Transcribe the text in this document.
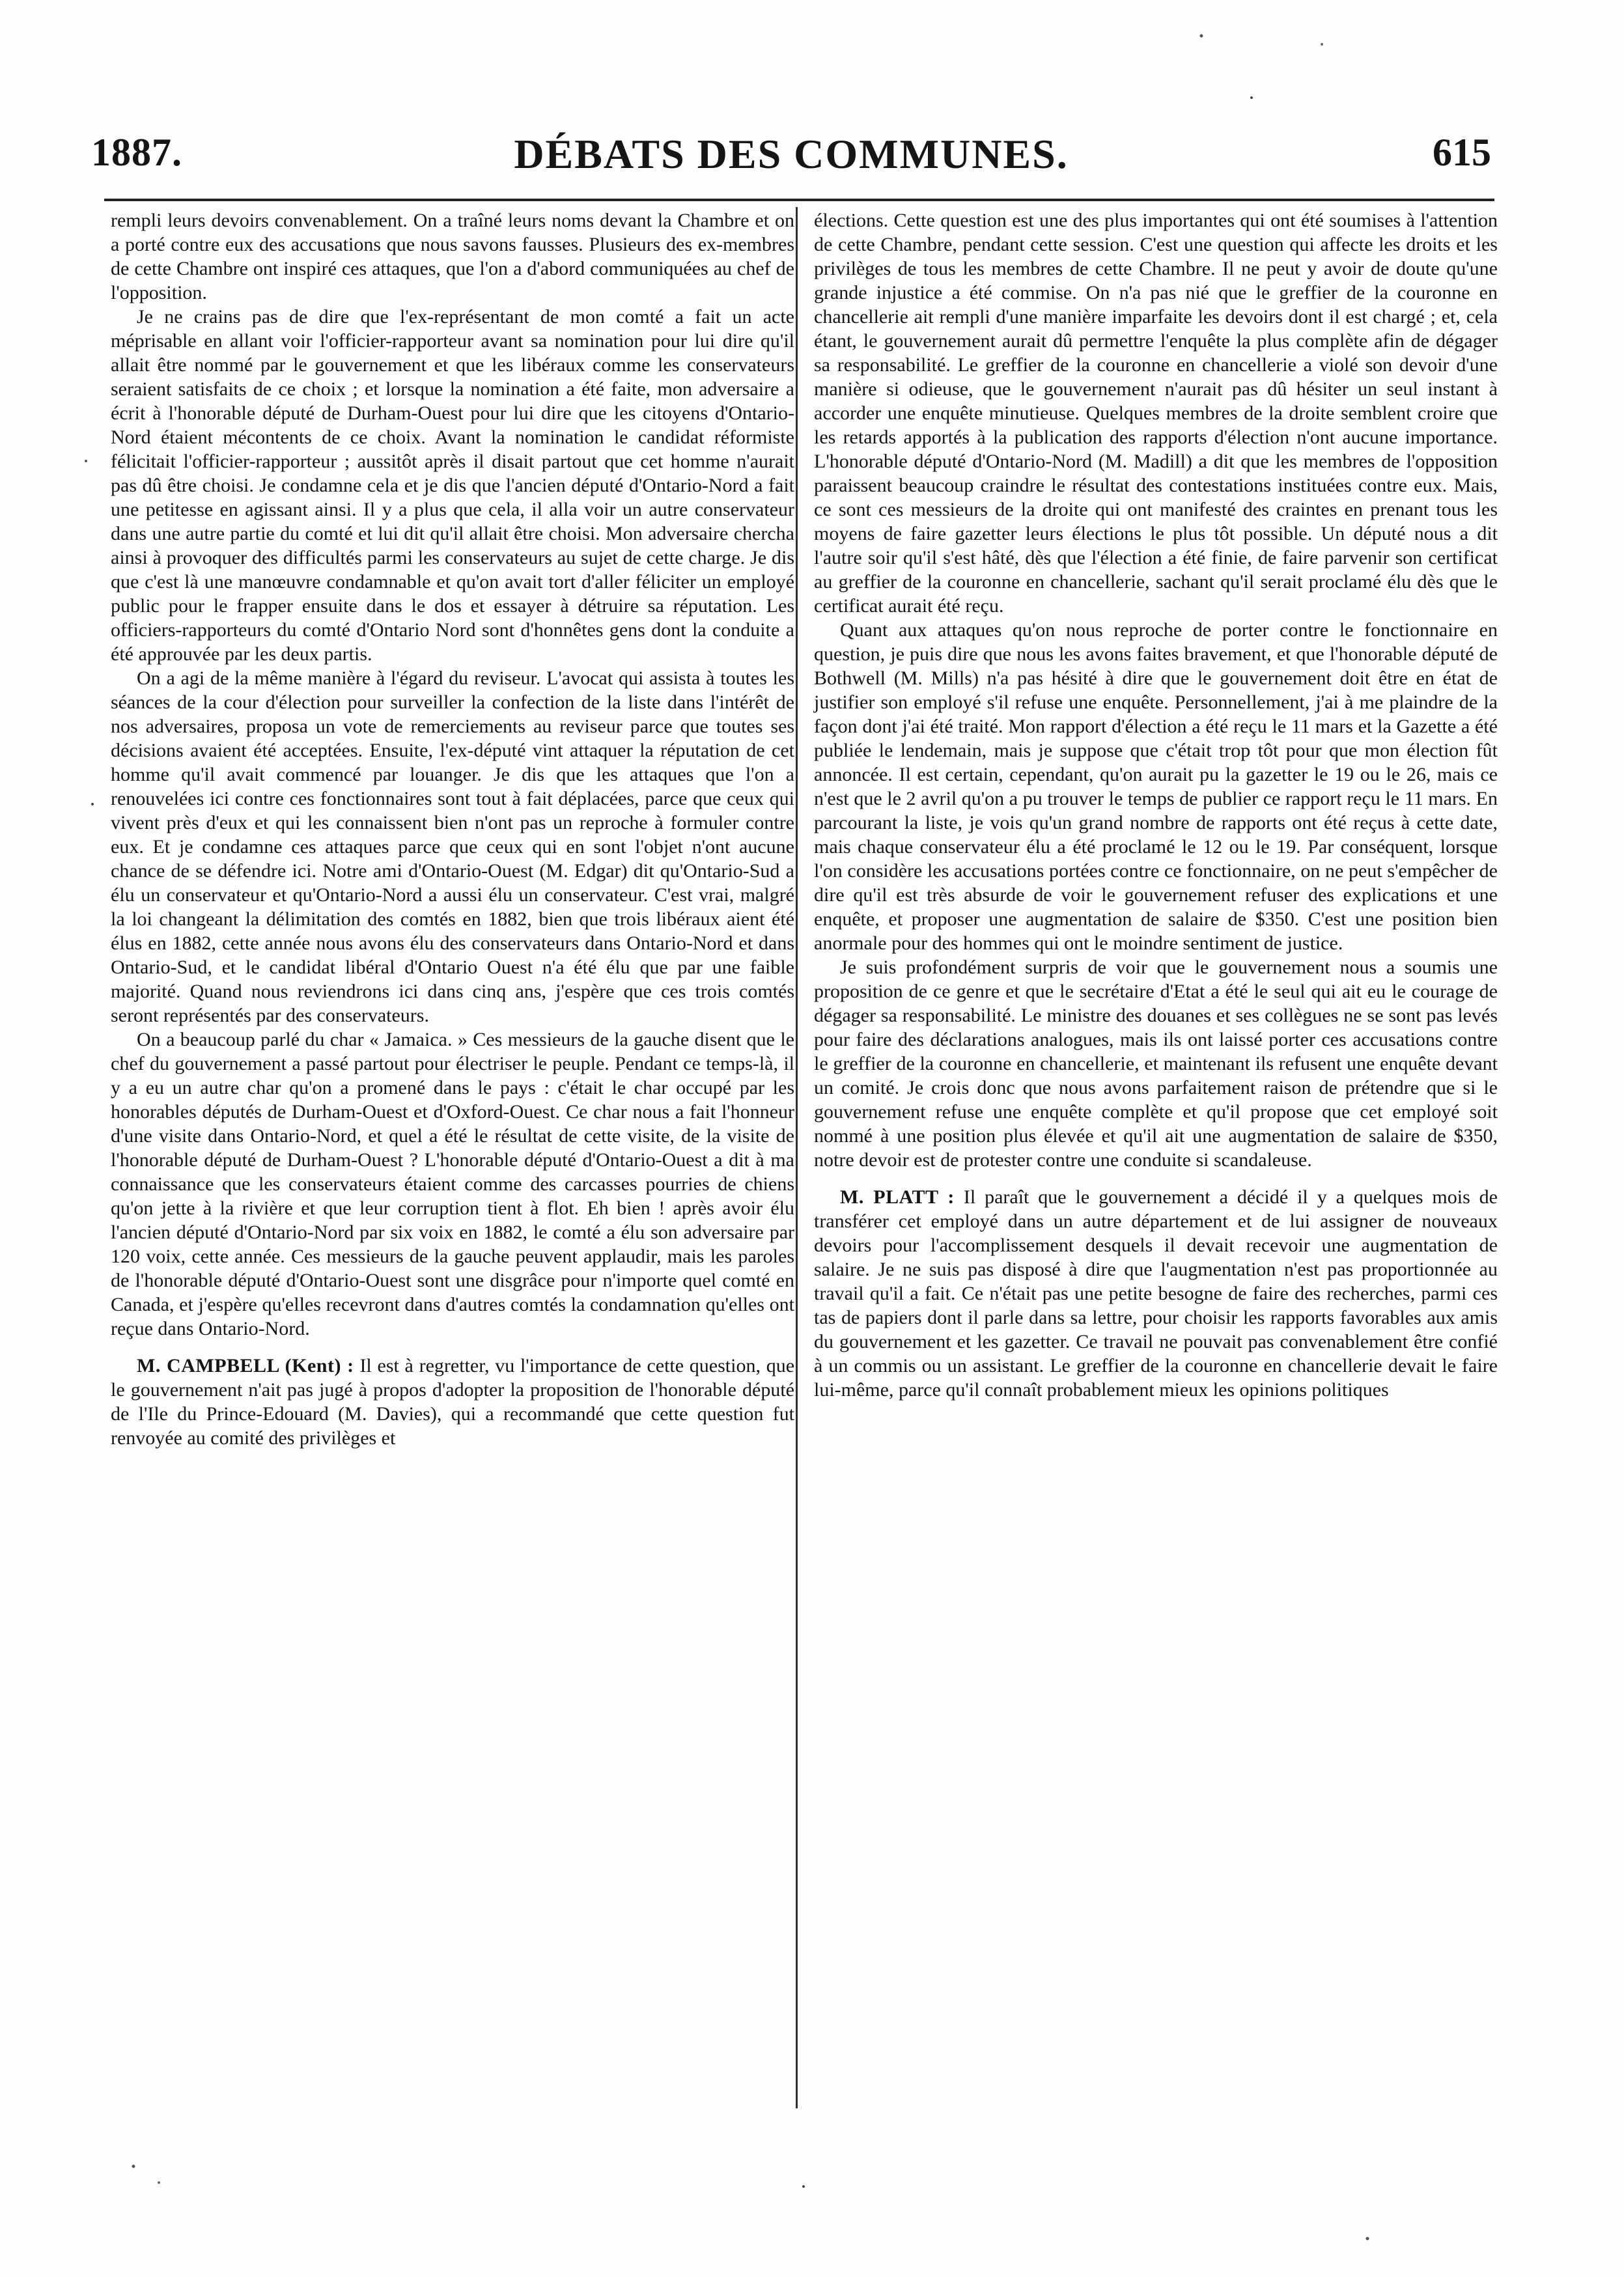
1887.	DÉBATS DES COMMUNES.	615

rempli leurs devoirs convenablement. On a traîné leurs noms devant la Chambre et on a porté contre eux des accusations que nous savons fausses. Plusieurs des ex-membres de cette Chambre ont inspiré ces attaques, que l'on a d'abord communiquées au chef de l'opposition.

Je ne crains pas de dire que l'ex-représentant de mon comté a fait un acte méprisable en allant voir l'officier-rapporteur avant sa nomination pour lui dire qu'il allait être nommé par le gouvernement et que les libéraux comme les conservateurs seraient satisfaits de ce choix ; et lorsque la nomination a été faite, mon adversaire a écrit à l'honorable député de Durham-Ouest pour lui dire que les citoyens d'Ontario-Nord étaient mécontents de ce choix. Avant la nomination le candidat réformiste félicitait l'officier-rapporteur ; aussitôt après il disait partout que cet homme n'aurait pas dû être choisi. Je condamne cela et je dis que l'ancien député d'Ontario-Nord a fait une petitesse en agissant ainsi. Il y a plus que cela, il alla voir un autre conservateur dans une autre partie du comté et lui dit qu'il allait être choisi. Mon adversaire chercha ainsi à provoquer des difficultés parmi les conservateurs au sujet de cette charge. Je dis que c'est là une manœuvre condamnable et qu'on avait tort d'aller féliciter un employé public pour le frapper ensuite dans le dos et essayer à détruire sa réputation. Les officiers-rapporteurs du comté d'Ontario Nord sont d'honnêtes gens dont la conduite a été approuvée par les deux partis.

On a agi de la même manière à l'égard du reviseur. L'avocat qui assista à toutes les séances de la cour d'élection pour surveiller la confection de la liste dans l'intérêt de nos adversaires, proposa un vote de remerciements au reviseur parce que toutes ses décisions avaient été acceptées. Ensuite, l'ex-député vint attaquer la réputation de cet homme qu'il avait commencé par louanger. Je dis que les attaques que l'on a renouvelées ici contre ces fonctionnaires sont tout à fait déplacées, parce que ceux qui vivent près d'eux et qui les connaissent bien n'ont pas un reproche à formuler contre eux. Et je condamne ces attaques parce que ceux qui en sont l'objet n'ont aucune chance de se défendre ici. Notre ami d'Ontario-Ouest (M. Edgar) dit qu'Ontario-Sud a élu un conservateur et qu'Ontario-Nord a aussi élu un conservateur. C'est vrai, malgré la loi changeant la délimitation des comtés en 1882, bien que trois libéraux aient été élus en 1882, cette année nous avons élu des conservateurs dans Ontario-Nord et dans Ontario-Sud, et le candidat libéral d'Ontario Ouest n'a été élu que par une faible majorité. Quand nous reviendrons ici dans cinq ans, j'espère que ces trois comtés seront représentés par des conservateurs.

On a beaucoup parlé du char « Jamaica. » Ces messieurs de la gauche disent que le chef du gouvernement a passé partout pour électriser le peuple. Pendant ce temps-là, il y a eu un autre char qu'on a promené dans le pays : c'était le char occupé par les honorables députés de Durham-Ouest et d'Oxford-Ouest. Ce char nous a fait l'honneur d'une visite dans Ontario-Nord, et quel a été le résultat de cette visite, de la visite de l'honorable député de Durham-Ouest ? L'honorable député d'Ontario-Ouest a dit à ma connaissance que les conservateurs étaient comme des carcasses pourries de chiens qu'on jette à la rivière et que leur corruption tient à flot. Eh bien ! après avoir élu l'ancien député d'Ontario-Nord par six voix en 1882, le comté a élu son adversaire par 120 voix, cette année. Ces messieurs de la gauche peuvent applaudir, mais les paroles de l'honorable député d'Ontario-Ouest sont une disgrâce pour n'importe quel comté en Canada, et j'espère qu'elles recevront dans d'autres comtés la condamnation qu'elles ont reçue dans Ontario-Nord.

M. CAMPBELL (Kent) : Il est à regretter, vu l'importance de cette question, que le gouvernement n'ait pas jugé à propos d'adopter la proposition de l'honorable député de l'Ile du Prince-Edouard (M. Davies), qui a recommandé que cette question fut renvoyée au comité des privilèges et

élections. Cette question est une des plus importantes qui ont été soumises à l'attention de cette Chambre, pendant cette session. C'est une question qui affecte les droits et les privilèges de tous les membres de cette Chambre. Il ne peut y avoir de doute qu'une grande injustice a été commise. On n'a pas nié que le greffier de la couronne en chancellerie ait rempli d'une manière imparfaite les devoirs dont il est chargé ; et, cela étant, le gouvernement aurait dû permettre l'enquête la plus complète afin de dégager sa responsabilité. Le greffier de la couronne en chancellerie a violé son devoir d'une manière si odieuse, que le gouvernement n'aurait pas dû hésiter un seul instant à accorder une enquête minutieuse. Quelques membres de la droite semblent croire que les retards apportés à la publication des rapports d'élection n'ont aucune importance. L'honorable député d'Ontario-Nord (M. Madill) a dit que les membres de l'opposition paraissent beaucoup craindre le résultat des contestations instituées contre eux. Mais, ce sont ces messieurs de la droite qui ont manifesté des craintes en prenant tous les moyens de faire gazetter leurs élections le plus tôt possible. Un député nous a dit l'autre soir qu'il s'est hâté, dès que l'élection a été finie, de faire parvenir son certificat au greffier de la couronne en chancellerie, sachant qu'il serait proclamé élu dès que le certificat aurait été reçu.

Quant aux attaques qu'on nous reproche de porter contre le fonctionnaire en question, je puis dire que nous les avons faites bravement, et que l'honorable député de Bothwell (M. Mills) n'a pas hésité à dire que le gouvernement doit être en état de justifier son employé s'il refuse une enquête. Personnellement, j'ai à me plaindre de la façon dont j'ai été traité. Mon rapport d'élection a été reçu le 11 mars et la Gazette a été publiée le lendemain, mais je suppose que c'était trop tôt pour que mon élection fût annoncée. Il est certain, cependant, qu'on aurait pu la gazetter le 19 ou le 26, mais ce n'est que le 2 avril qu'on a pu trouver le temps de publier ce rapport reçu le 11 mars. En parcourant la liste, je vois qu'un grand nombre de rapports ont été reçus à cette date, mais chaque conservateur élu a été proclamé le 12 ou le 19. Par conséquent, lorsque l'on considère les accusations portées contre ce fonctionnaire, on ne peut s'empêcher de dire qu'il est très absurde de voir le gouvernement refuser des explications et une enquête, et proposer une augmentation de salaire de $350. C'est une position bien anormale pour des hommes qui ont le moindre sentiment de justice.

Je suis profondément surpris de voir que le gouvernement nous a soumis une proposition de ce genre et que le secrétaire d'Etat a été le seul qui ait eu le courage de dégager sa responsabilité. Le ministre des douanes et ses collègues ne se sont pas levés pour faire des déclarations analogues, mais ils ont laissé porter ces accusations contre le greffier de la couronne en chancellerie, et maintenant ils refusent une enquête devant un comité. Je crois donc que nous avons parfaitement raison de prétendre que si le gouvernement refuse une enquête complète et qu'il propose que cet employé soit nommé à une position plus élevée et qu'il ait une augmentation de salaire de $350, notre devoir est de protester contre une conduite si scandaleuse.

M. PLATT : Il paraît que le gouvernement a décidé il y a quelques mois de transférer cet employé dans un autre département et de lui assigner de nouveaux devoirs pour l'accomplissement desquels il devait recevoir une augmentation de salaire. Je ne suis pas disposé à dire que l'augmentation n'est pas proportionnée au travail qu'il a fait. Ce n'était pas une petite besogne de faire des recherches, parmi ces tas de papiers dont il parle dans sa lettre, pour choisir les rapports favorables aux amis du gouvernement et les gazetter. Ce travail ne pouvait pas convenablement être confié à un commis ou un assistant. Le greffier de la couronne en chancellerie devait le faire lui-même, parce qu'il connaît probablement mieux les opinions politiques
